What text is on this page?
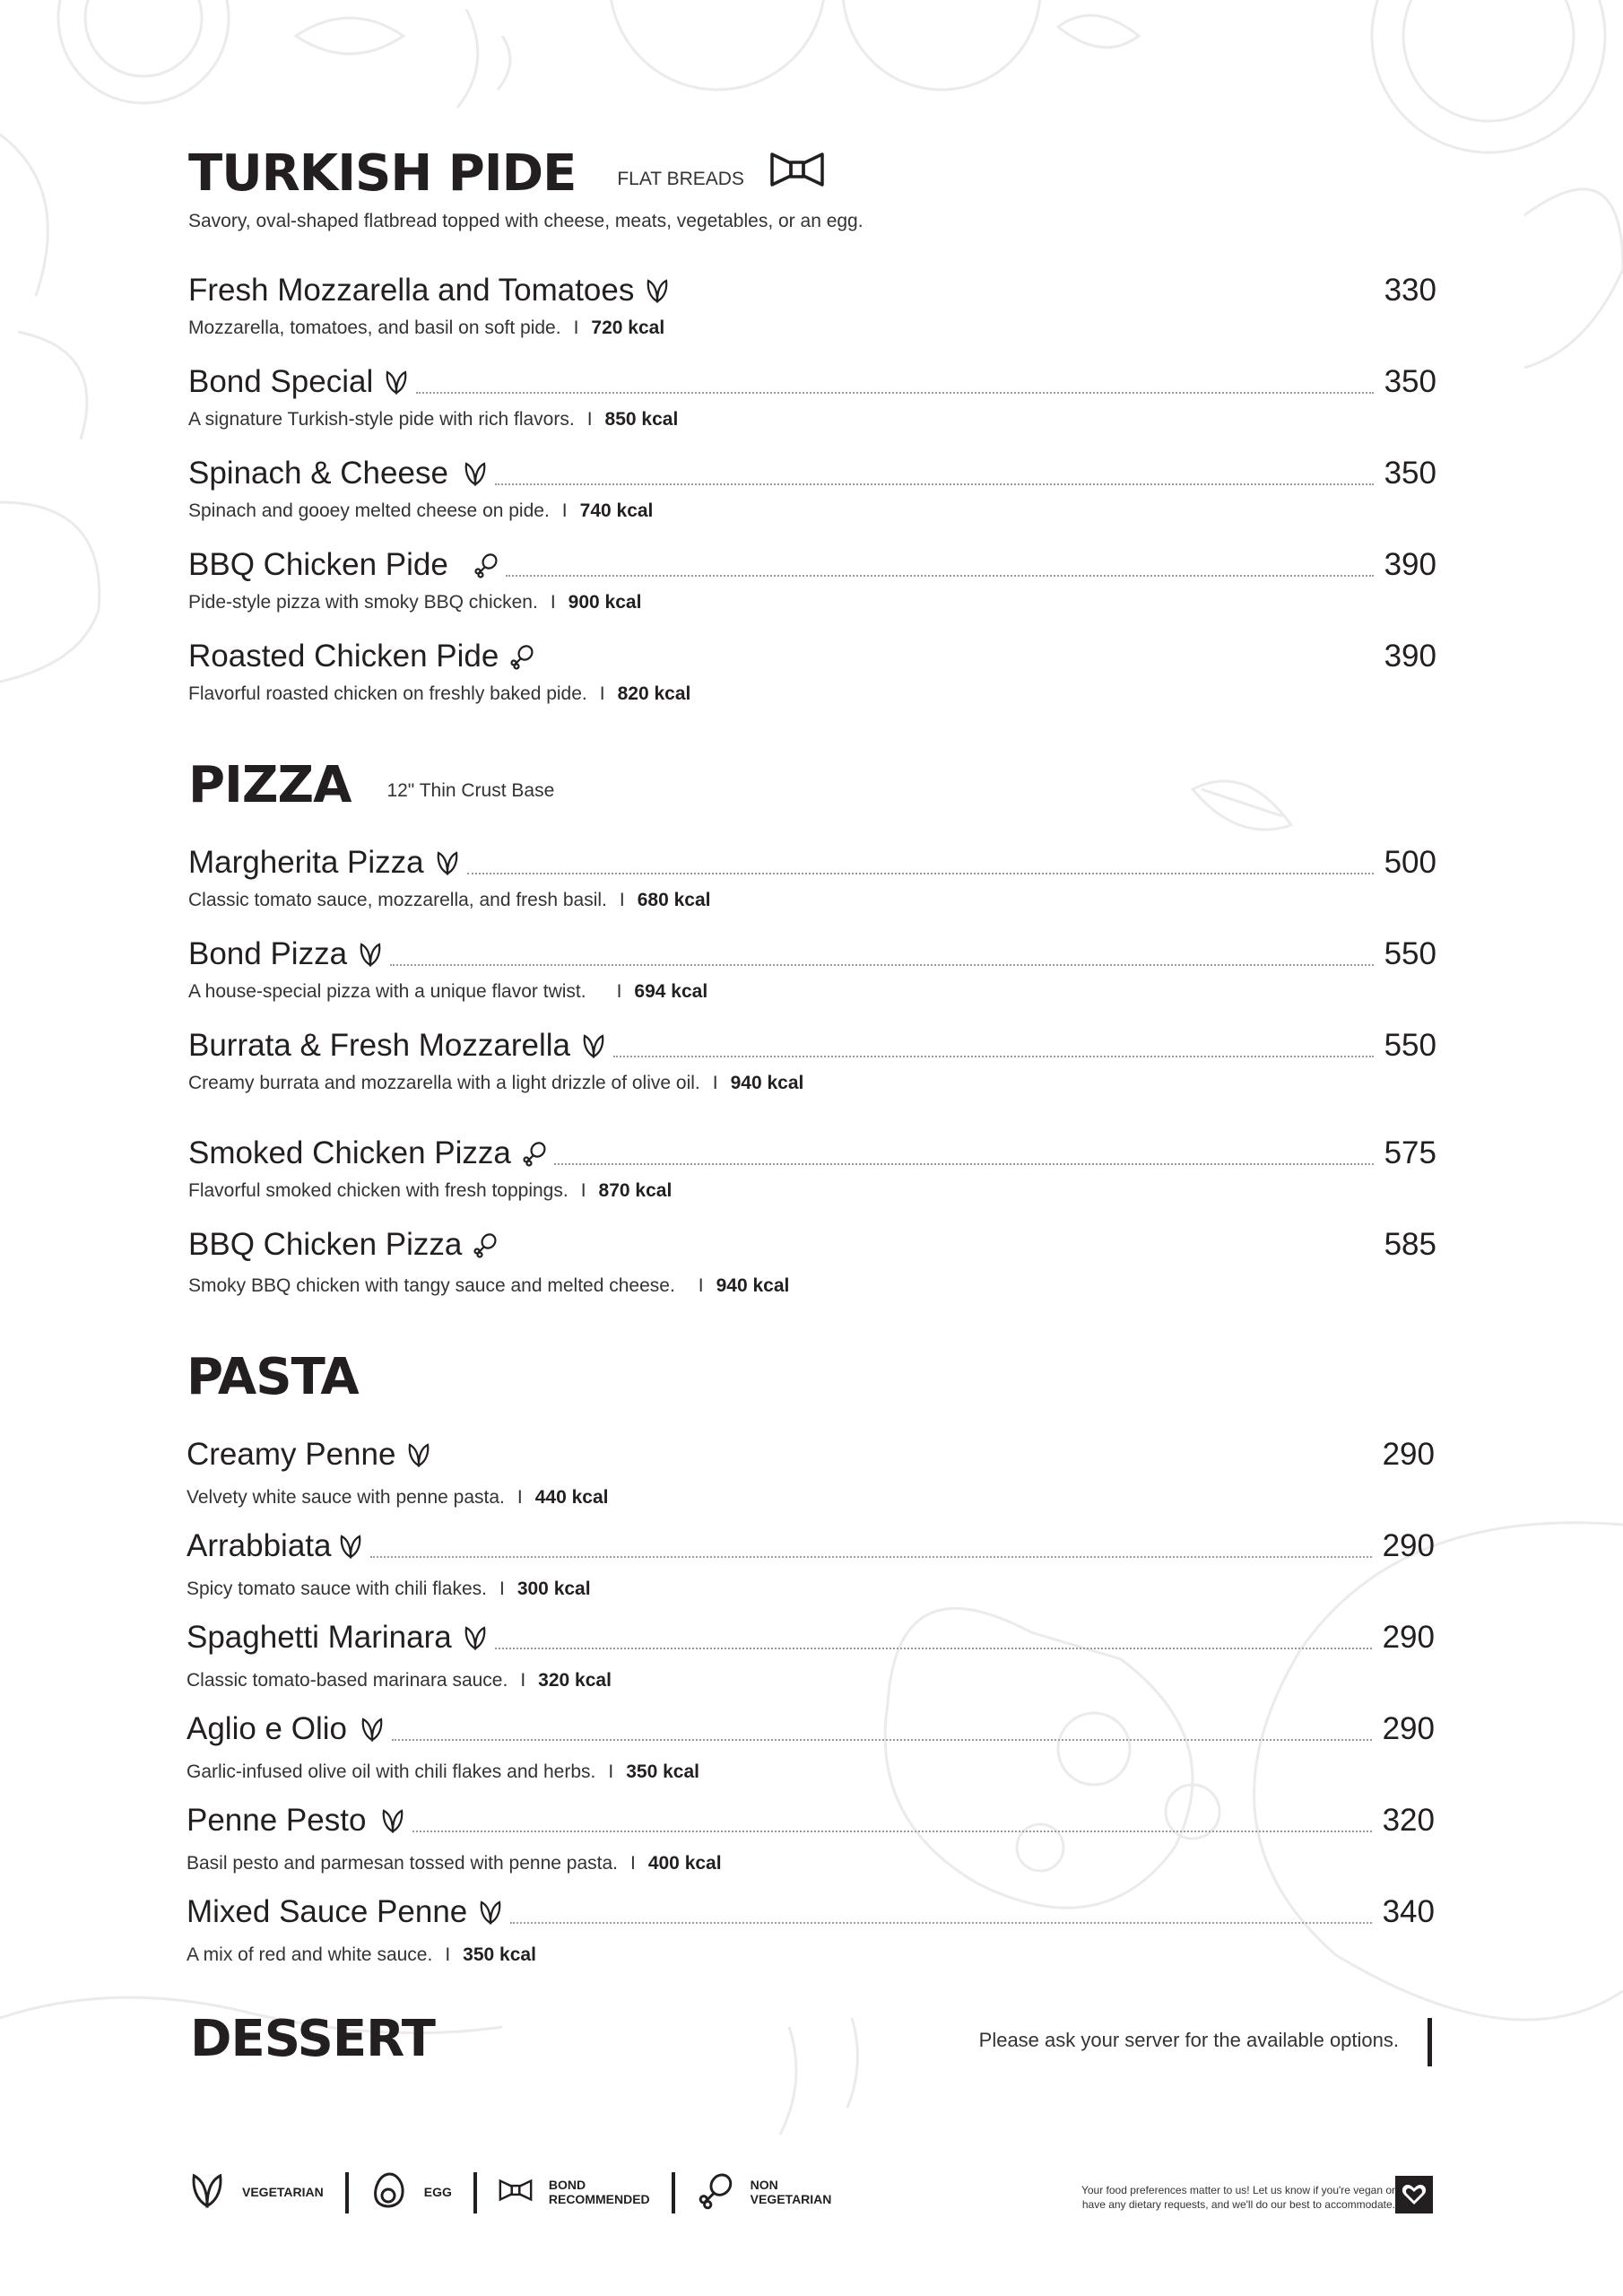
TURKISH PIDE FLAT BREADS
Savory, oval-shaped flatbread topped with cheese, meats, vegetables, or an egg.
Fresh Mozzarella and Tomatoes	330
Mozzarella, tomatoes, and basil on soft pide. I 720 kcal
Bond Special	350
A signature Turkish-style pide with rich flavors. I 850 kcal
Spinach & Cheese	350
Spinach and gooey melted cheese on pide. I 740 kcal
BBQ Chicken Pide	390
Pide-style pizza with smoky BBQ chicken. I 900 kcal
Roasted Chicken Pide	390
Flavorful roasted chicken on freshly baked pide. I 820 kcal
PIZZA 12" Thin Crust Base
Margherita Pizza	500
Classic tomato sauce, mozzarella, and fresh basil. I 680 kcal
Bond Pizza	550
A house-special pizza with a unique flavor twist. I 694 kcal
Burrata & Fresh Mozzarella	550
Creamy burrata and mozzarella with a light drizzle of olive oil. I 940 kcal
Smoked Chicken Pizza	575
Flavorful smoked chicken with fresh toppings. I 870 kcal
BBQ Chicken Pizza	585
Smoky BBQ chicken with tangy sauce and melted cheese. I 940 kcal
PASTA
Creamy Penne	290
Velvety white sauce with penne pasta. I 440 kcal
Arrabbiata	290
Spicy tomato sauce with chili flakes. I 300 kcal
Spaghetti Marinara	290
Classic tomato-based marinara sauce. I 320 kcal
Aglio e Olio	290
Garlic-infused olive oil with chili flakes and herbs. I 350 kcal
Penne Pesto	320
Basil pesto and parmesan tossed with penne pasta. I 400 kcal
Mixed Sauce Penne	340
A mix of red and white sauce. I 350 kcal
DESSERT	Please ask your server for the available options.
VEGETARIAN	EGG	BOND
RECOMMENDED
NON
VEGETARIAN
Your food preferences matter to us! Let us know if you're vegan or
have any dietary requests, and we'll do our best to accommodate.
